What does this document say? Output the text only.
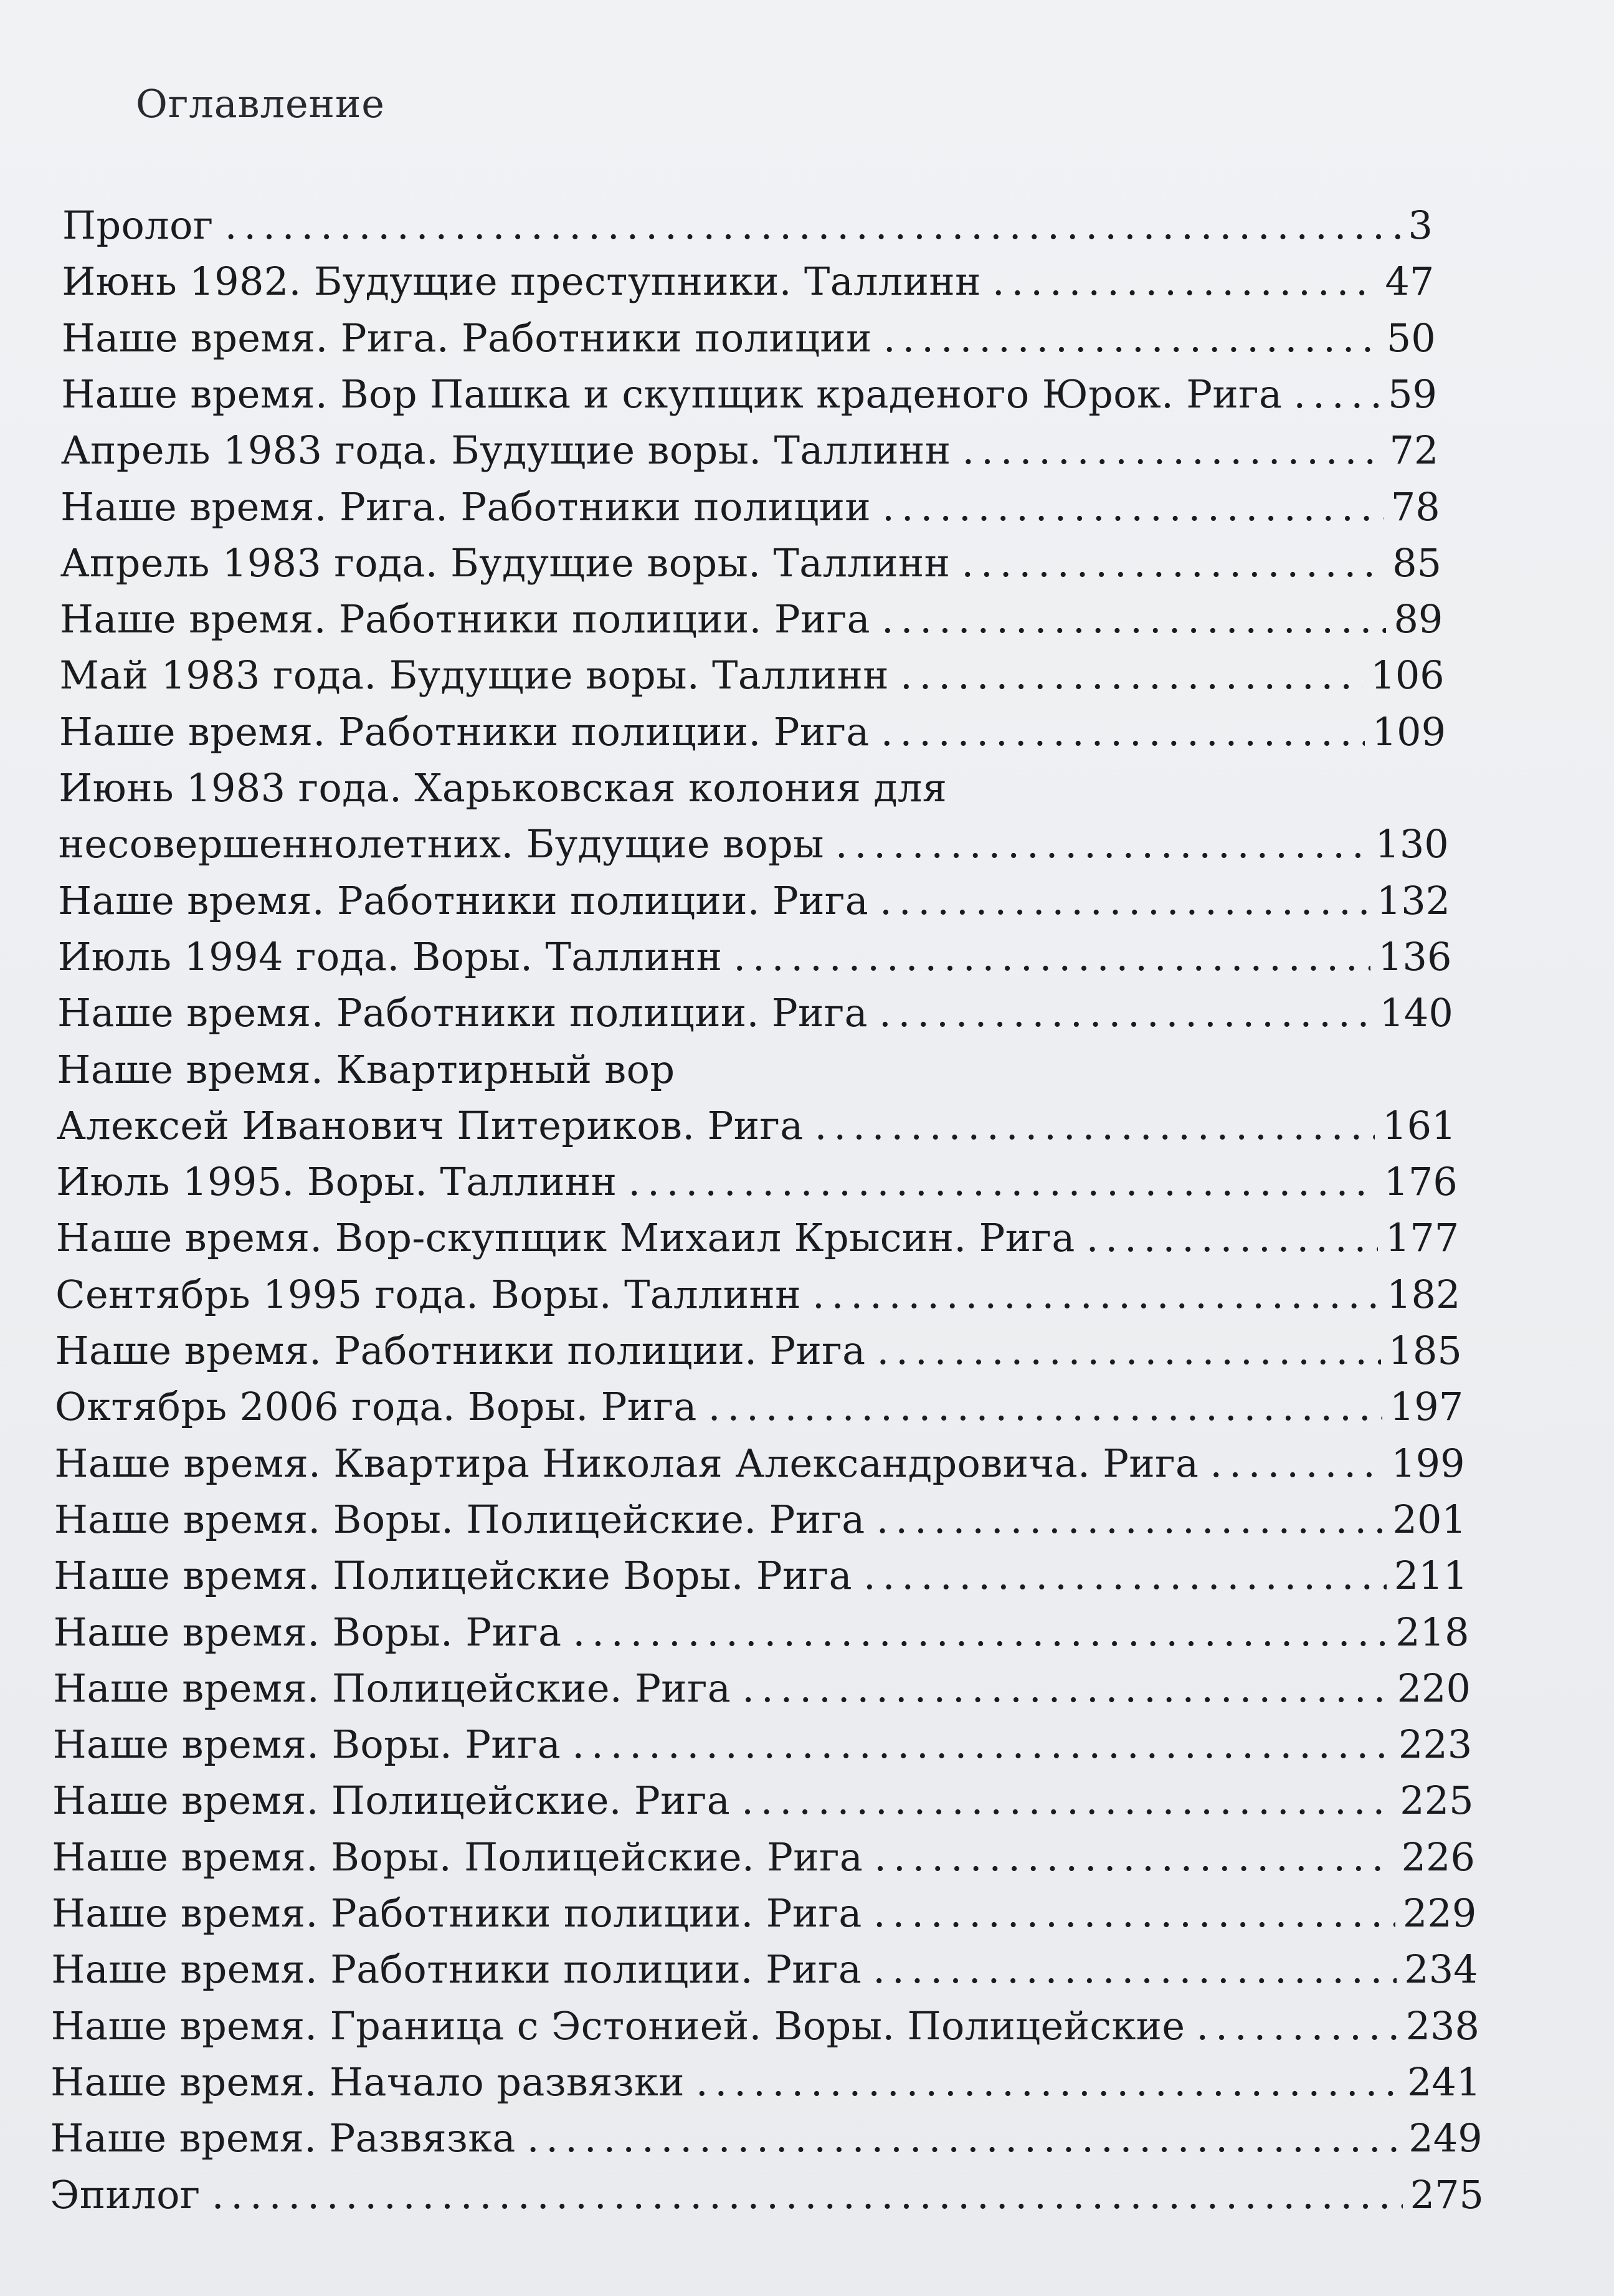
Оглавление
Пролог .....	3
Июнь 1982. Будущие преступники. Таллинн .....	47
Наше время. Рига. Работники полиции .....	50
Наше время. Вор Пашка и скупщик краденого Юрок. Рига .....	59
Апрель 1983 года. Будущие воры. Таллинн .....	72
Наше время. Рига. Работники полиции .....	78
Апрель 1983 года. Будущие воры. Таллинн .....	85
Наше время. Работники полиции. Рига .....	89
Май 1983 года. Будущие воры. Таллинн .....	106
Наше время. Работники полиции. Рига .....	109
Июнь 1983 года. Харьковская колония для
несовершеннолетних. Будущие воры .....	130
Наше время. Работники полиции. Рига .....	132
Июль 1994 года. Воры. Таллинн .....	136
Наше время. Работники полиции. Рига .....	140
Наше время. Квартирный вор
Алексей Иванович Питериков. Рига .....	161
Июль 1995. Воры. Таллинн .....	176
Наше время. Вор-скупщик Михаил Крысин. Рига .....	177
Сентябрь 1995 года. Воры. Таллинн .....	182
Наше время. Работники полиции. Рига .....	185
Октябрь 2006 года. Воры. Рига .....	197
Наше время. Квартира Николая Александровича. Рига .....	199
Наше время. Воры. Полицейские. Рига .....	201
Наше время. Полицейские Воры. Рига .....	211
Наше время. Воры. Рига .....	218
Наше время. Полицейские. Рига .....	220
Наше время. Воры. Рига .....	223
Наше время. Полицейские. Рига .....	225
Наше время. Воры. Полицейские. Рига .....	226
Наше время. Работники полиции. Рига .....	229
Наше время. Работники полиции. Рига .....	234
Наше время. Граница с Эстонией. Воры. Полицейские .....	238
Наше время. Начало развязки .....	241
Наше время. Развязка .....	249
Эпилог .....	275
